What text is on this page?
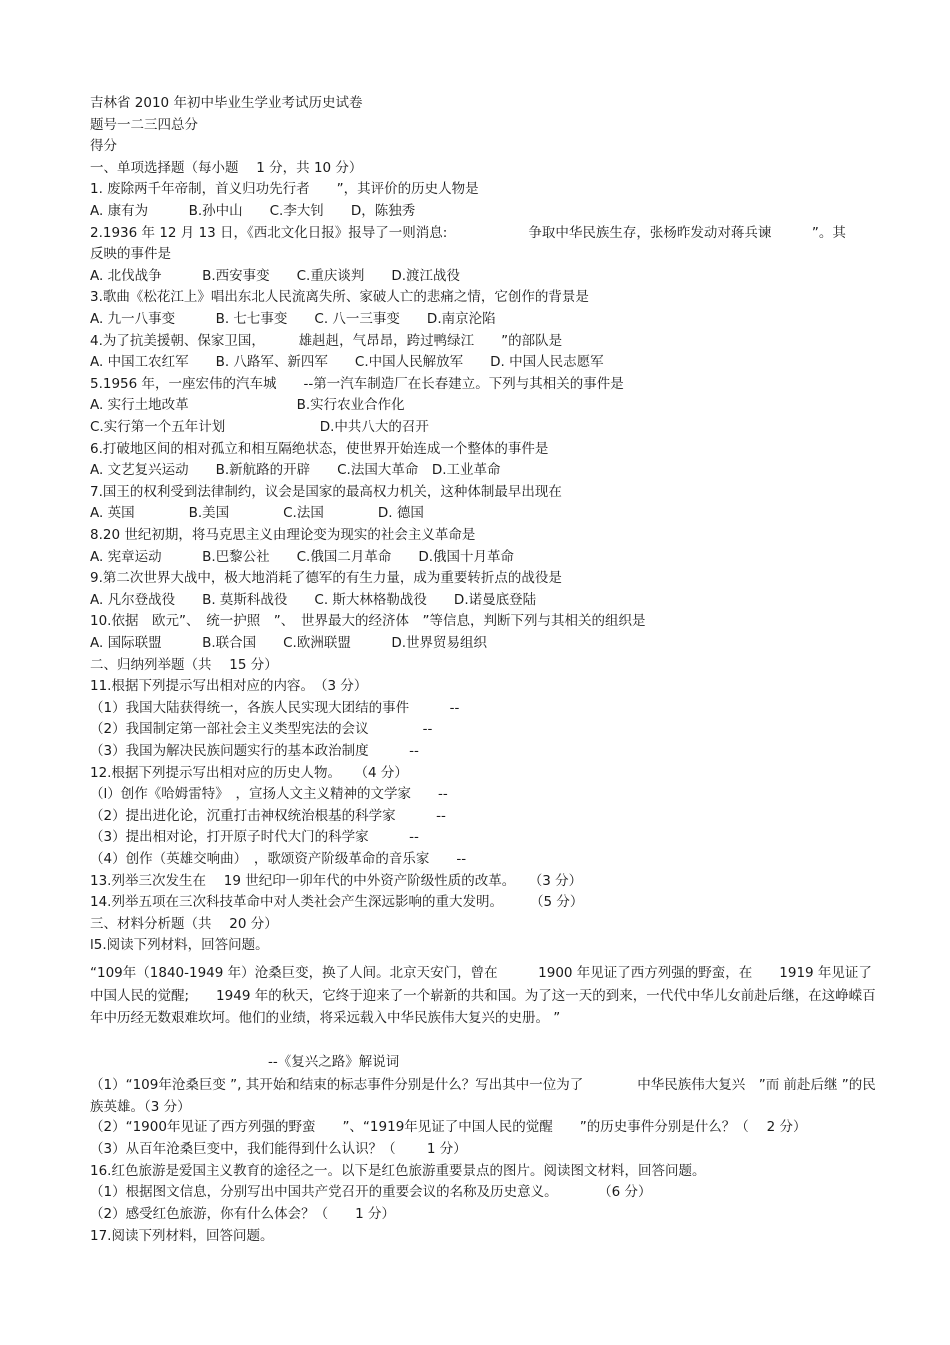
吉林省 2010 年初中毕业生学业考试历史试卷
题号一二三四总分
得分
一、单项选择题（每小题　 1 分，共 10 分）
1. 废除两千年帝制，首义归功先行者　　”，其评价的历史人物是
A. 康有为　　　B.孙中山　　C.李大钊　　D，陈独秀
2.1936 年 12 月 13 日，《西北文化日报》报导了一则消息:　　　　　　争取中华民族生存，张杨昨发动对蒋兵谏　　　”。其
反映的事件是
A. 北伐战争　　　B.西安事变　　C.重庆谈判　　D.渡江战役
3.歌曲《松花江上》唱出东北人民流离失所、家破人亡的悲痛之情，它创作的背景是
A. 九一八事变　　　B. 七七事变　　C. 八一三事变　　D.南京沦陷
4.为了抗美援朝、保家卫国，　　　雄赳赳，气昂昂，跨过鸭绿江　　”的部队是
A. 中国工农红军　　B. 八路军、新四军　　C.中国人民解放军　　D. 中国人民志愿军
5.1956 年，一座宏伟的汽车城　　--第一汽车制造厂在长春建立。下列与其相关的事件是
A. 实行土地改革　　　　　　　　B.实行农业合作化
C.实行第一个五年计划　　　　　　　D.中共八大的召开
6.打破地区间的相对孤立和相互隔绝状态，使世界开始连成一个整体的事件是
A. 文艺复兴运动　　B.新航路的开辟　　C.法国大革命　D.工业革命
7.国王的权利受到法律制约，议会是国家的最高权力机关，这种体制最早出现在
A. 英国　　　　B.美国　　　　C.法国　　　　D. 德国
8.20 世纪初期，将马克思主义由理论变为现实的社会主义革命是
A. 宪章运动　　　B.巴黎公社　　C.俄国二月革命　　D.俄国十月革命
9.第二次世界大战中，极大地消耗了德军的有生力量，成为重要转折点的战役是
A. 凡尔登战役　　B. 莫斯科战役　　C. 斯大林格勒战役　　D.诺曼底登陆
10.依据　欧元”、　统一护照　”、　世界最大的经济体　”等信息，判断下列与其相关的组织是
A. 国际联盟　　　B.联合国　　C.欧洲联盟　　　D.世界贸易组织
二、归纳列举题（共　 15 分）
11.根据下列提示写出相对应的内容。　（3 分）
（1）我国大陆获得统一，各族人民实现大团结的事件　　　--
（2）我国制定第一部社会主义类型宪法的会议　　　　--
（3）我国为解决民族问题实行的基本政治制度　　　--
12.根据下列提示写出相对应的历史人物。　　（4 分）
（l）创作《哈姆雷特》　，宣扬人文主义精神的文学家　　--
（2）提出进化论，沉重打击神权统治根基的科学家　　　--
（3）提出相对论，打开原子时代大门的科学家　　　--
（4）创作（英雄交响曲）　，歌颂资产阶级革命的音乐家　　--
13.列举三次发生在　 19 世纪印一卯年代的中外资产阶级性质的改革。　　（3 分）
14.列举五项在三次科技革命中对人类社会产生深远影响的重大发明。　　　（5 分）
三、材料分析题（共　 20 分）
l5.阅读下列材料，回答问题。
“109年（1840-1949 年）沧桑巨变，换了人间。北京天安门，曾在　　　1900 年见证了西方列强的野蛮，在　　1919 年见证了中国人民的觉醒;　　1949 年的秋天，它终于迎来了一个崭新的共和国。为了这一天的到来，一代代中华儿女前赴后继，在这峥嵘百年中历经无数艰难坎坷。他们的业绩，将采远载入中华民族伟大复兴的史册。 ”
--《复兴之路》解说词
（1）“109年沧桑巨变 ”, 其开始和结束的标志事件分别是什么？写出其中一位为了　　　　中华民族伟大复兴　”而 前赴后继 ”的民族英雄。（3 分）
（2）“1900年见证了西方列强的野蛮　　”、“1919年见证了中国人民的觉醒　　”的历史事件分别是什么？（　 2 分）
（3）从百年沧桑巨变中，我们能得到什么认识？（　　 1 分）
16.红色旅游是爱国主义教育的途径之一。以下是红色旅游重要景点的图片。阅读图文材料，回答问题。
（1）根据图文信息，分别写出中国共产党召开的重要会议的名称及历史意义。　　　　（6 分）
（2）感受红色旅游，你有什么体会？（　　1 分）
17.阅读下列材料，回答问题。
